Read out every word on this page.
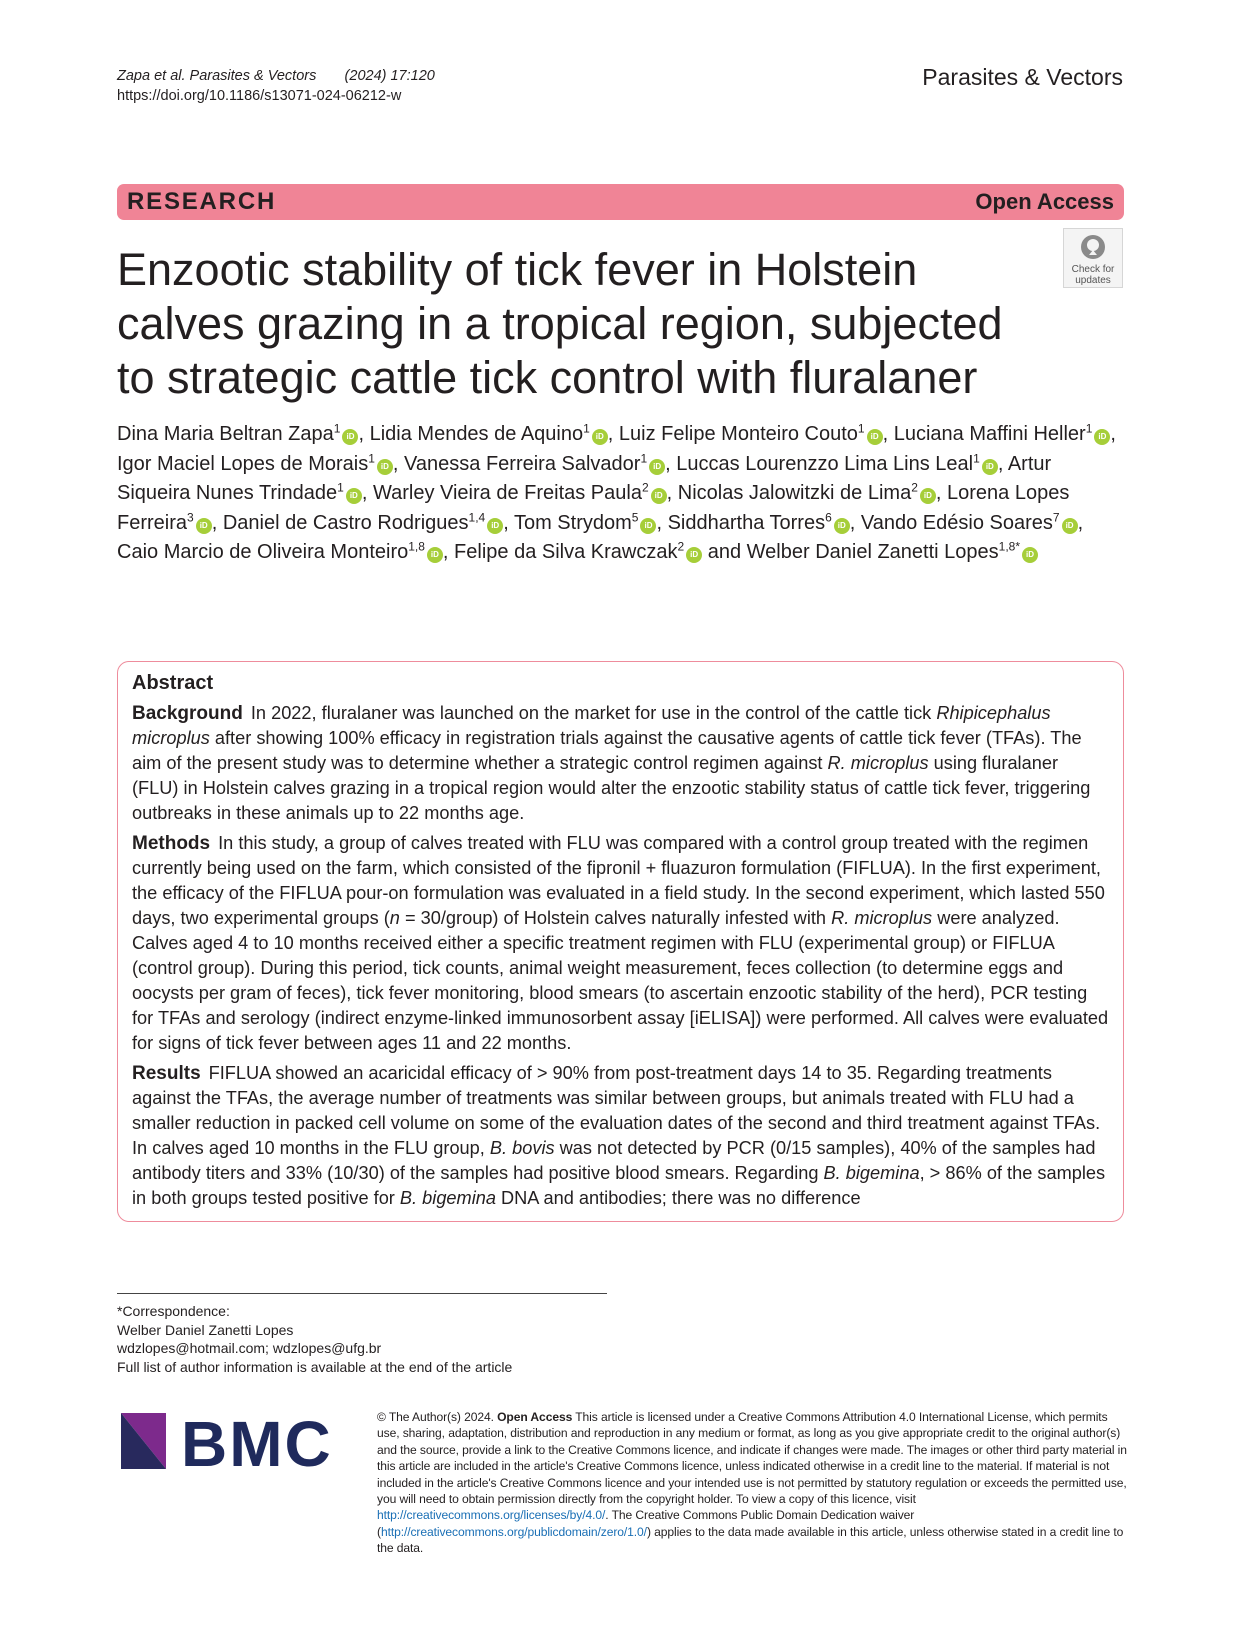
Zapa et al. Parasites & Vectors (2024) 17:120
https://doi.org/10.1186/s13071-024-06212-w
Parasites & Vectors
RESEARCH	Open Access
Check for
updates
Enzootic stability of tick fever in Holstein calves grazing in a tropical region, subjected to strategic cattle tick control with fluralaner
Dina Maria Beltran Zapa$^1$iD , Lidia Mendes de Aquino$^1$iD , Luiz Felipe Monteiro Couto$^1$iD , Luciana Maffini Heller$^1$iD , Igor Maciel Lopes de Morais$^1$iD , Vanessa Ferreira Salvador$^1$iD , Luccas Lourenzzo Lima Lins Leal$^1$iD , Artur Siqueira Nunes Trindade$^1$iD , Warley Vieira de Freitas Paula$^2$iD , Nicolas Jalowitzki de Lima$^2$iD , Lorena Lopes Ferreira$^3$iD , Daniel de Castro Rodrigues$^{1,4}$iD , Tom Strydom$^5$iD , Siddhartha Torres$^6$iD , Vando Edésio Soares$^7$iD , Caio Marcio de Oliveira Monteiro$^{1,8}$iD , Felipe da Silva Krawczak$^2$iD and Welber Daniel Zanetti Lopes$^{1,8*}$iD
Abstract

Background In 2022, fluralaner was launched on the market for use in the control of the cattle tick Rhipicephalus microplus after showing 100% efficacy in registration trials against the causative agents of cattle tick fever (TFAs). The aim of the present study was to determine whether a strategic control regimen against R. microplus using fluralaner (FLU) in Holstein calves grazing in a tropical region would alter the enzootic stability status of cattle tick fever, triggering outbreaks in these animals up to 22 months age.

Methods In this study, a group of calves treated with FLU was compared with a control group treated with the regimen currently being used on the farm, which consisted of the fipronil + fluazuron formulation (FIFLUA). In the first experiment, the efficacy of the FIFLUA pour-on formulation was evaluated in a field study. In the second experiment, which lasted 550 days, two experimental groups (n = 30/group) of Holstein calves naturally infested with R. microplus were analyzed. Calves aged 4 to 10 months received either a specific treatment regimen with FLU (experimental group) or FIFLUA (control group). During this period, tick counts, animal weight measurement, feces collection (to determine eggs and oocysts per gram of feces), tick fever monitoring, blood smears (to ascertain enzootic stability of the herd), PCR testing for TFAs and serology (indirect enzyme-linked immunosorbent assay [iELISA]) were performed. All calves were evaluated for signs of tick fever between ages 11 and 22 months.

Results FIFLUA showed an acaricidal efficacy of > 90% from post-treatment days 14 to 35. Regarding treatments against the TFAs, the average number of treatments was similar between groups, but animals treated with FLU had a smaller reduction in packed cell volume on some of the evaluation dates of the second and third treatment against TFAs. In calves aged 10 months in the FLU group, B. bovis was not detected by PCR (0/15 samples), 40% of the samples had antibody titers and 33% (10/30) of the samples had positive blood smears. Regarding B. bigemina, > 86% of the samples in both groups tested positive for B. bigemina DNA and antibodies; there was no difference

*Correspondence:
Welber Daniel Zanetti Lopes
wdzlopes@hotmail.com; wdzlopes@ufg.br
Full list of author information is available at the end of the article
BMC	© The Author(s) 2024. Open Access This article is licensed under a Creative Commons Attribution 4.0 International License, which permits use, sharing, adaptation, distribution and reproduction in any medium or format, as long as you give appropriate credit to the original author(s) and the source, provide a link to the Creative Commons licence, and indicate if changes were made. The images or other third party material in this article are included in the article's Creative Commons licence, unless indicated otherwise in a credit line to the material. If material is not included in the article's Creative Commons licence and your intended use is not permitted by statutory regulation or exceeds the permitted use, you will need to obtain permission directly from the copyright holder. To view a copy of this licence, visit http://creativecommons.org/licenses/by/4.0/. The Creative Commons Public Domain Dedication waiver (http://creativecommons.org/publicdomain/zero/1.0/) applies to the data made available in this article, unless otherwise stated in a credit line to the data.
